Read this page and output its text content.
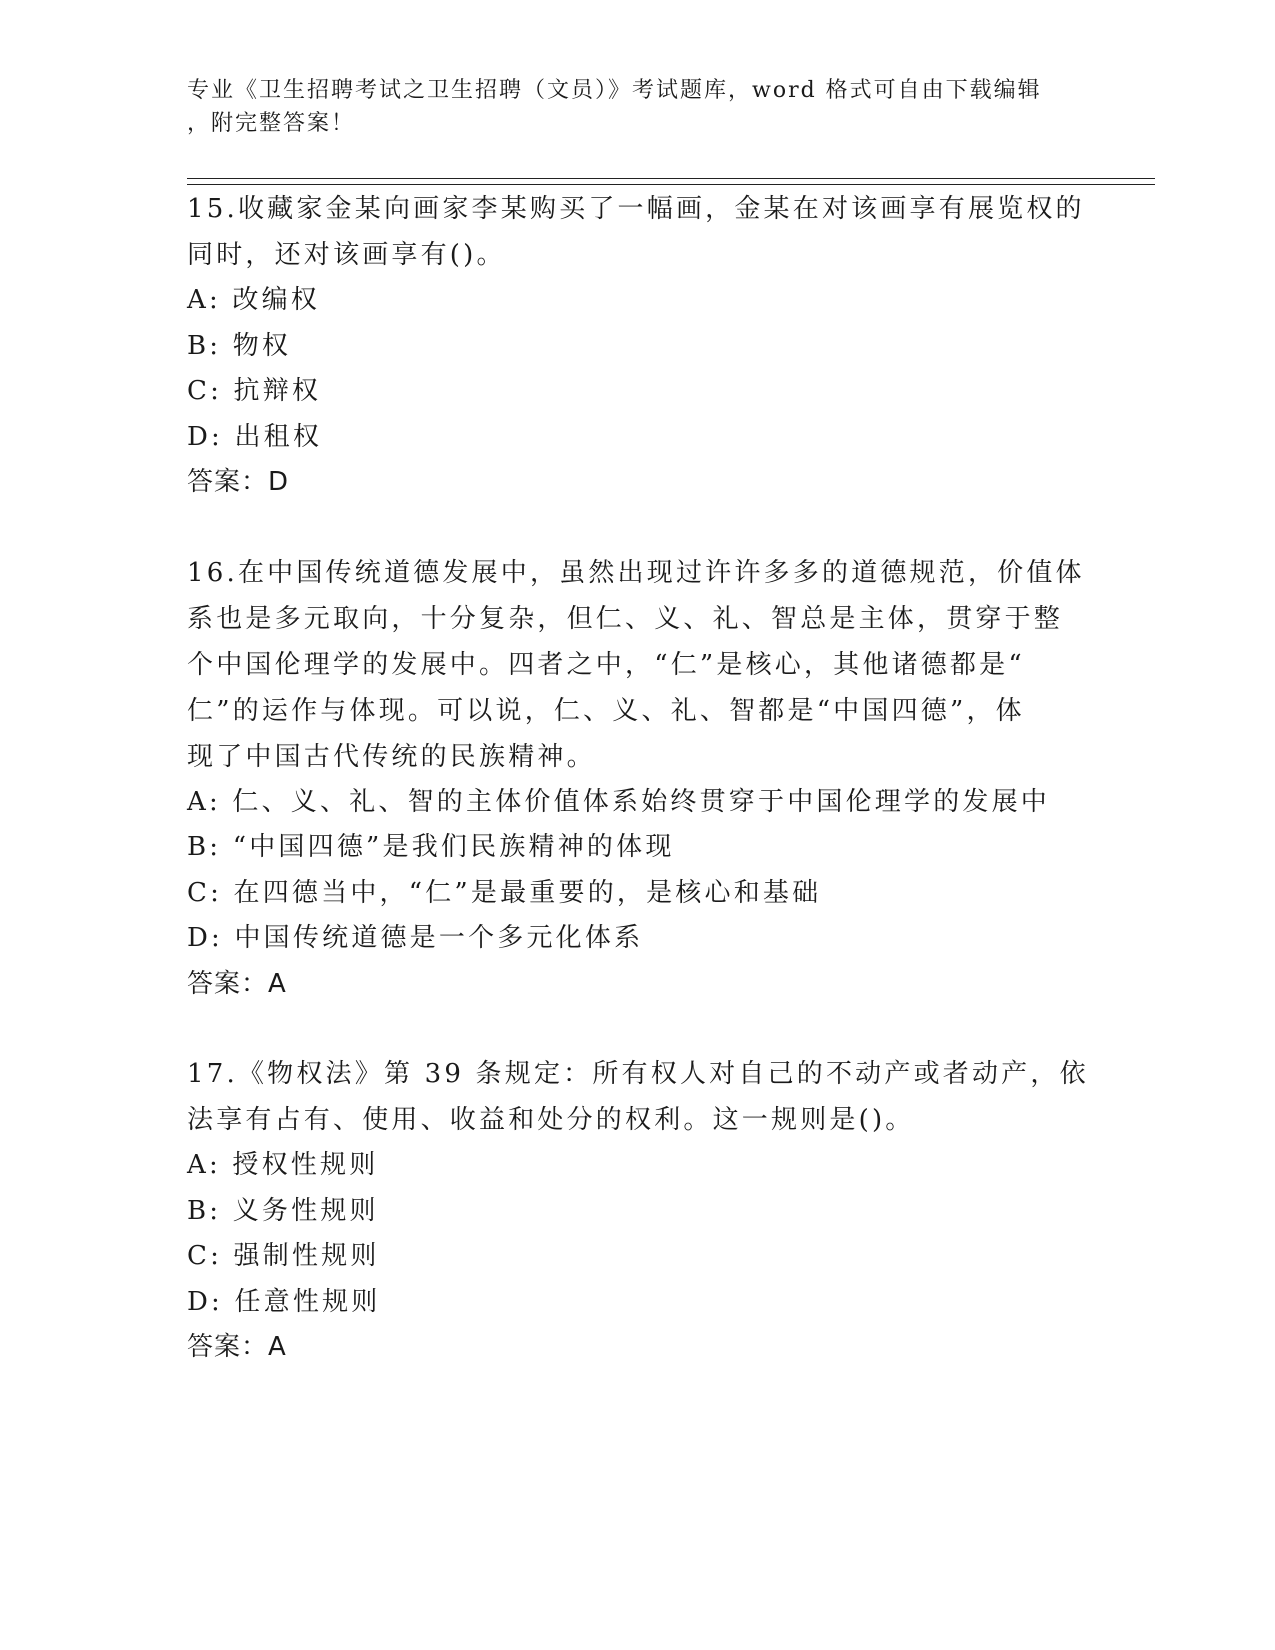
专业《卫生招聘考试之卫生招聘（文员）》考试题库，word 格式可自由下载编辑
，附完整答案！
15.收藏家金某向画家李某购买了一幅画，金某在对该画享有展览权的
同时，还对该画享有()。
A: 改编权
B: 物权
C: 抗辩权
D: 出租权
答案：D
16.在中国传统道德发展中，虽然出现过许许多多的道德规范，价值体
系也是多元取向，十分复杂，但仁、义、礼、智总是主体，贯穿于整
个中国伦理学的发展中。四者之中，“仁”是核心，其他诸德都是“
仁”的运作与体现。可以说，仁、义、礼、智都是“中国四德”，体
现了中国古代传统的民族精神。
A: 仁、义、礼、智的主体价值体系始终贯穿于中国伦理学的发展中
B: “中国四德”是我们民族精神的体现
C: 在四德当中，“仁”是最重要的，是核心和基础
D: 中国传统道德是一个多元化体系
答案：A
17.《物权法》第 39 条规定：所有权人对自己的不动产或者动产，依
法享有占有、使用、收益和处分的权利。这一规则是()。
A: 授权性规则
B: 义务性规则
C: 强制性规则
D: 任意性规则
答案：A
